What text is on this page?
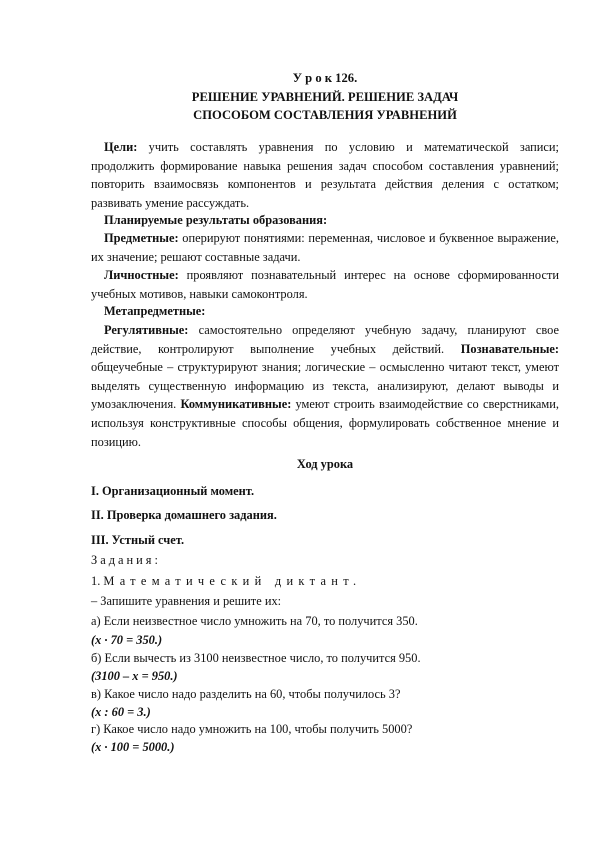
У р о к 126.
РЕШЕНИЕ УРАВНЕНИЙ. РЕШЕНИЕ ЗАДАЧ
СПОСОБОМ СОСТАВЛЕНИЯ УРАВНЕНИЙ
Цели: учить составлять уравнения по условию и математической записи; продолжить формирование навыка решения задач способом составления уравнений; повторить взаимосвязь компонентов и результата действия деления с остатком; развивать умение рассуждать.
Планируемые результаты образования:
Предметные: оперируют понятиями: переменная, числовое и буквенное выражение, их значение; решают составные задачи.
Личностные: проявляют познавательный интерес на основе сформированности учебных мотивов, навыки самоконтроля.
Метапредметные:
Регулятивные: самостоятельно определяют учебную задачу, планируют свое действие, контролируют выполнение учебных действий. Познавательные: общеучебные – структурируют знания; логические – осмысленно читают текст, умеют выделять существенную информацию из текста, анализируют, делают выводы и умозаключения. Коммуникативные: умеют строить взаимодействие со сверстниками, используя конструктивные способы общения, формулировать собственное мнение и позицию.
Ход урока
I. Организационный момент.
II. Проверка домашнего задания.
III. Устный счет.
Задания:
1. Математический диктант.
– Запишите уравнения и решите их:
а) Если неизвестное число умножить на 70, то получится 350.
(x · 70 = 350.)
б) Если вычесть из 3100 неизвестное число, то получится 950.
(3100 – x = 950.)
в) Какое число надо разделить на 60, чтобы получилось 3?
(x : 60 = 3.)
г) Какое число надо умножить на 100, чтобы получить 5000?
(x · 100 = 5000.)
